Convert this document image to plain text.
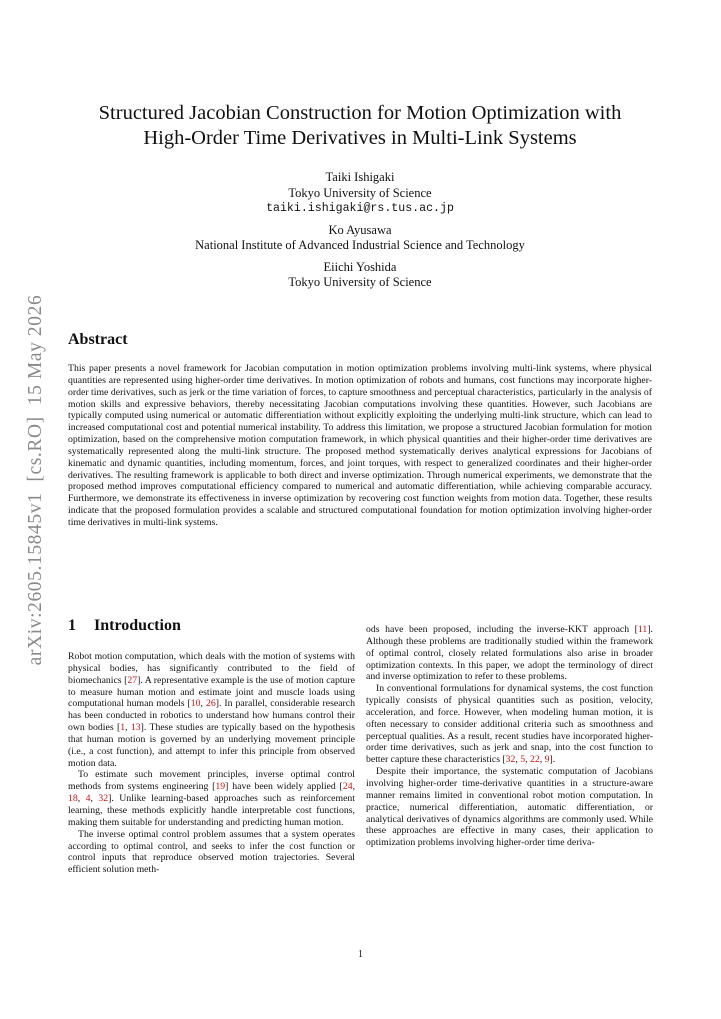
arXiv:2605.15845v1  [cs.RO]  15 May 2026
Structured Jacobian Construction for Motion Optimization with
High-Order Time Derivatives in Multi-Link Systems
Taiki Ishigaki
Tokyo University of Science
taiki.ishigaki@rs.tus.ac.jp
Ko Ayusawa
National Institute of Advanced Industrial Science and Technology
Eiichi Yoshida
Tokyo University of Science
Abstract

This paper presents a novel framework for Jacobian computation in motion optimization problems involving multi-link systems, where physical quantities are represented using higher-order time derivatives. In motion optimization of robots and humans, cost functions may incorporate higher-order time derivatives, such as jerk or the time variation of forces, to capture smoothness and perceptual characteristics, particularly in the analysis of motion skills and expressive behaviors, thereby necessitating Jacobian computations involving these quantities. However, such Jacobians are typically computed using numerical or automatic differentiation without explicitly exploiting the underlying multi-link structure, which can lead to increased computational cost and potential numerical instability. To address this limitation, we propose a structured Jacobian formulation for motion optimization, based on the comprehensive motion computation framework, in which physical quantities and their higher-order time derivatives are systematically represented along the multi-link structure. The proposed method systematically derives analytical expressions for Jacobians of kinematic and dynamic quantities, including momentum, forces, and joint torques, with respect to generalized coordinates and their higher-order derivatives. The resulting framework is applicable to both direct and inverse optimization. Through numerical experiments, we demonstrate that the proposed method improves computational efficiency compared to numerical and automatic differentiation, while achieving comparable accuracy. Furthermore, we demonstrate its effectiveness in inverse optimization by recovering cost function weights from motion data. Together, these results indicate that the proposed formulation provides a scalable and structured computational foundation for motion optimization involving higher-order time derivatives in multi-link systems.

1 Introduction

Robot motion computation, which deals with the motion of systems with physical bodies, has significantly contributed to the field of biomechanics [27]. A representative example is the use of motion capture to measure human motion and estimate joint and muscle loads using computational human models [10, 26]. In parallel, considerable research has been conducted in robotics to understand how humans control their own bodies [1, 13]. These studies are typically based on the hypothesis that human motion is governed by an underlying movement principle (i.e., a cost function), and attempt to infer this principle from observed motion data.

To estimate such movement principles, inverse optimal control methods from systems engineering [19] have been widely applied [24, 18, 4, 32]. Unlike learning-based approaches such as reinforcement learning, these methods explicitly handle interpretable cost functions, making them suitable for understanding and predicting human motion.

The inverse optimal control problem assumes that a system operates according to optimal control, and seeks to infer the cost function or control inputs that reproduce observed motion trajectories. Several efficient solution meth-

ods have been proposed, including the inverse-KKT approach [11]. Although these problems are traditionally studied within the framework of optimal control, closely related formulations also arise in broader optimization contexts. In this paper, we adopt the terminology of direct and inverse optimization to refer to these problems.

In conventional formulations for dynamical systems, the cost function typically consists of physical quantities such as position, velocity, acceleration, and force. However, when modeling human motion, it is often necessary to consider additional criteria such as smoothness and perceptual qualities. As a result, recent studies have incorporated higher-order time derivatives, such as jerk and snap, into the cost function to better capture these characteristics [32, 5, 22, 9].

Despite their importance, the systematic computation of Jacobians involving higher-order time-derivative quantities in a structure-aware manner remains limited in conventional robot motion computation. In practice, numerical differentiation, automatic differentiation, or analytical derivatives of dynamics algorithms are commonly used. While these approaches are effective in many cases, their application to optimization problems involving higher-order time deriva-

1
